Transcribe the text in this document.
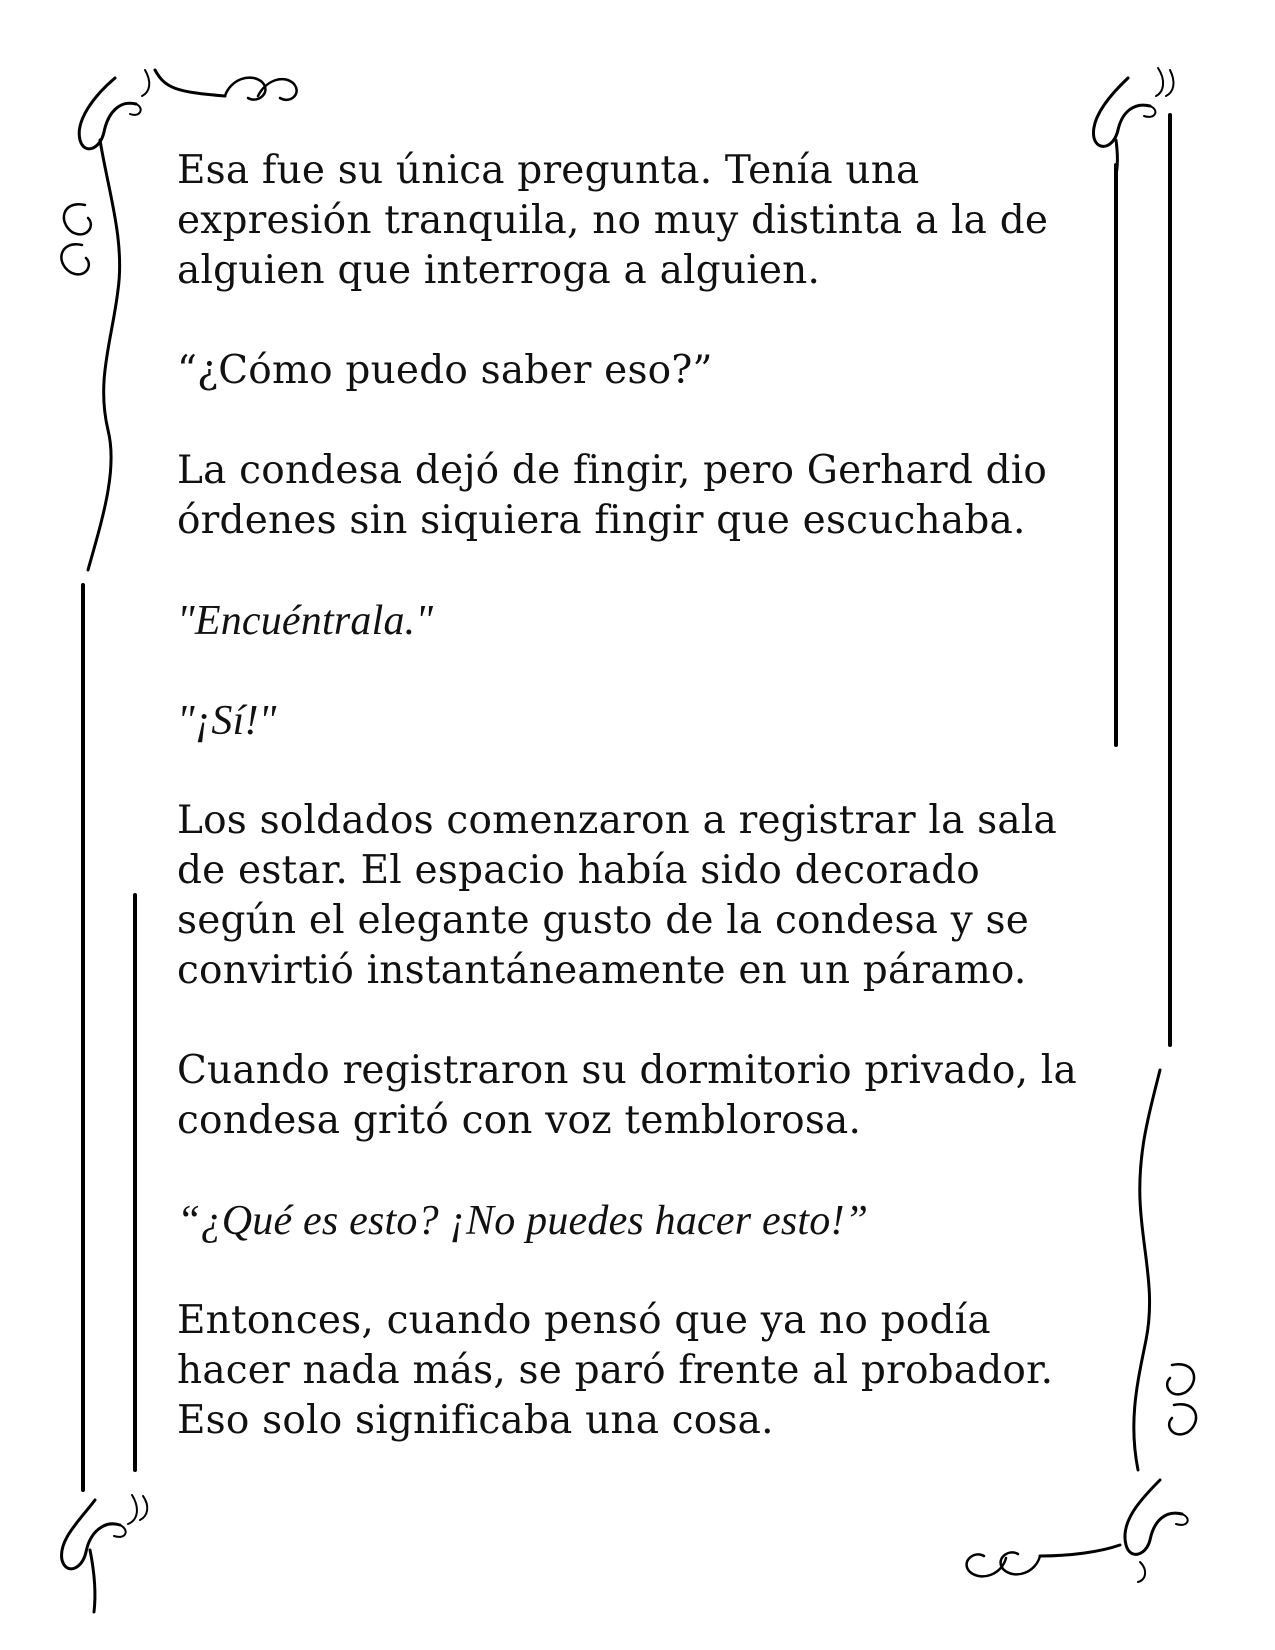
Esa fue su única pregunta. Tenía una expresión tranquila, no muy distinta a la de alguien que interroga a alguien.

“¿Cómo puedo saber eso?”

La condesa dejó de fingir, pero Gerhard dio órdenes sin siquiera fingir que escuchaba.

"Encuéntrala."

"¡Sí!"

Los soldados comenzaron a registrar la sala de estar. El espacio había sido decorado según el elegante gusto de la condesa y se convirtió instantáneamente en un páramo.

Cuando registraron su dormitorio privado, la condesa gritó con voz temblorosa.

“¿Qué es esto? ¡No puedes hacer esto!”

Entonces, cuando pensó que ya no podía hacer nada más, se paró frente al probador. Eso solo significaba una cosa.
